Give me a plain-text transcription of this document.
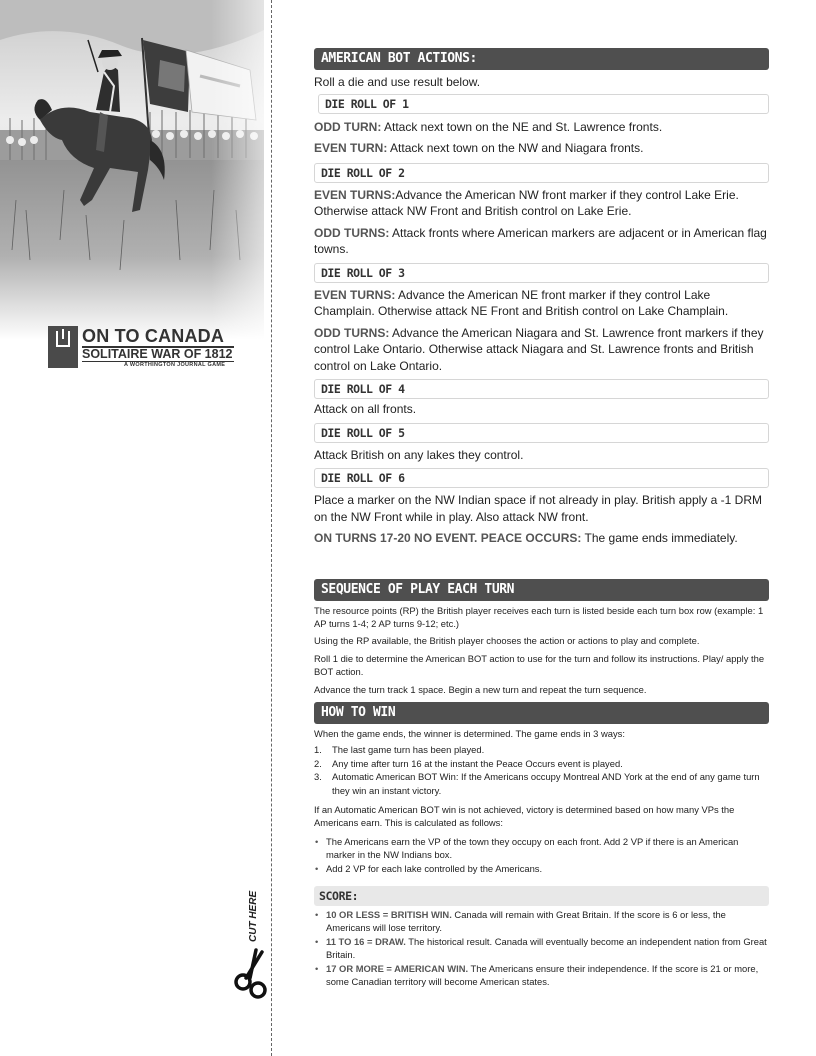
ON TO CANADA
SOLITAIRE WAR OF 1812
A WORTHINGTON JOURNAL GAME
CUT HERE
AMERICAN BOT ACTIONS:
Roll a die and use result below.
DIE ROLL OF 1
ODD TURN: Attack next town on the NE and St. Lawrence fronts.
EVEN TURN: Attack next town on the NW and Niagara fronts.
DIE ROLL OF 2
EVEN TURNS:Advance the American NW front marker if they control Lake Erie. Otherwise attack NW Front and British control on Lake Erie.
ODD TURNS: Attack fronts where American markers are adjacent or in American flag towns.
DIE ROLL OF 3
EVEN TURNS: Advance the American NE front marker if they control Lake Champlain. Otherwise attack NE Front and British control on Lake Champlain.
ODD TURNS: Advance the American Niagara and St. Lawrence front markers if they control Lake Ontario. Otherwise attack Niagara and St. Lawrence fronts and British control on Lake Ontario.
DIE ROLL OF 4
Attack on all fronts.
DIE ROLL OF 5
Attack British on any lakes they control.
DIE ROLL OF 6
Place a marker on the NW Indian space if not already in play. British apply a -1 DRM on the NW Front while in play. Also attack NW front.
ON TURNS 17-20 NO EVENT. PEACE OCCURS: The game ends immediately.
SEQUENCE OF PLAY EACH TURN
The resource points (RP) the British player receives each turn is listed beside each turn box row (example: 1 AP turns 1-4; 2 AP turns 9-12; etc.)
Using the RP available, the British player chooses the action or actions to play and complete.
Roll 1 die to determine the American BOT action to use for the turn and follow its instructions. Play/ apply the BOT action.
Advance the turn track 1 space. Begin a new turn and repeat the turn sequence.
HOW TO WIN
When the game ends, the winner is determined. The game ends in 3 ways:
1. The last game turn has been played.
2. Any time after turn 16 at the instant the Peace Occurs event is played.
3. Automatic American BOT Win: If the Americans occupy Montreal AND York at the end of any game turn they win an instant victory.
If an Automatic American BOT win is not achieved, victory is determined based on how many VPs the Americans earn. This is calculated as follows:
• The Americans earn the VP of the town they occupy on each front. Add 2 VP if there is an American marker in the NW Indians box.
• Add 2 VP for each lake controlled by the Americans.
SCORE:
• 10 OR LESS = BRITISH WIN. Canada will remain with Great Britain. If the score is 6 or less, the Americans will lose territory.
• 11 TO 16 = DRAW. The historical result. Canada will eventually become an independent nation from Great Britain.
• 17 OR MORE = AMERICAN WIN. The Americans ensure their independence. If the score is 21 or more, some Canadian territory will become American states.
